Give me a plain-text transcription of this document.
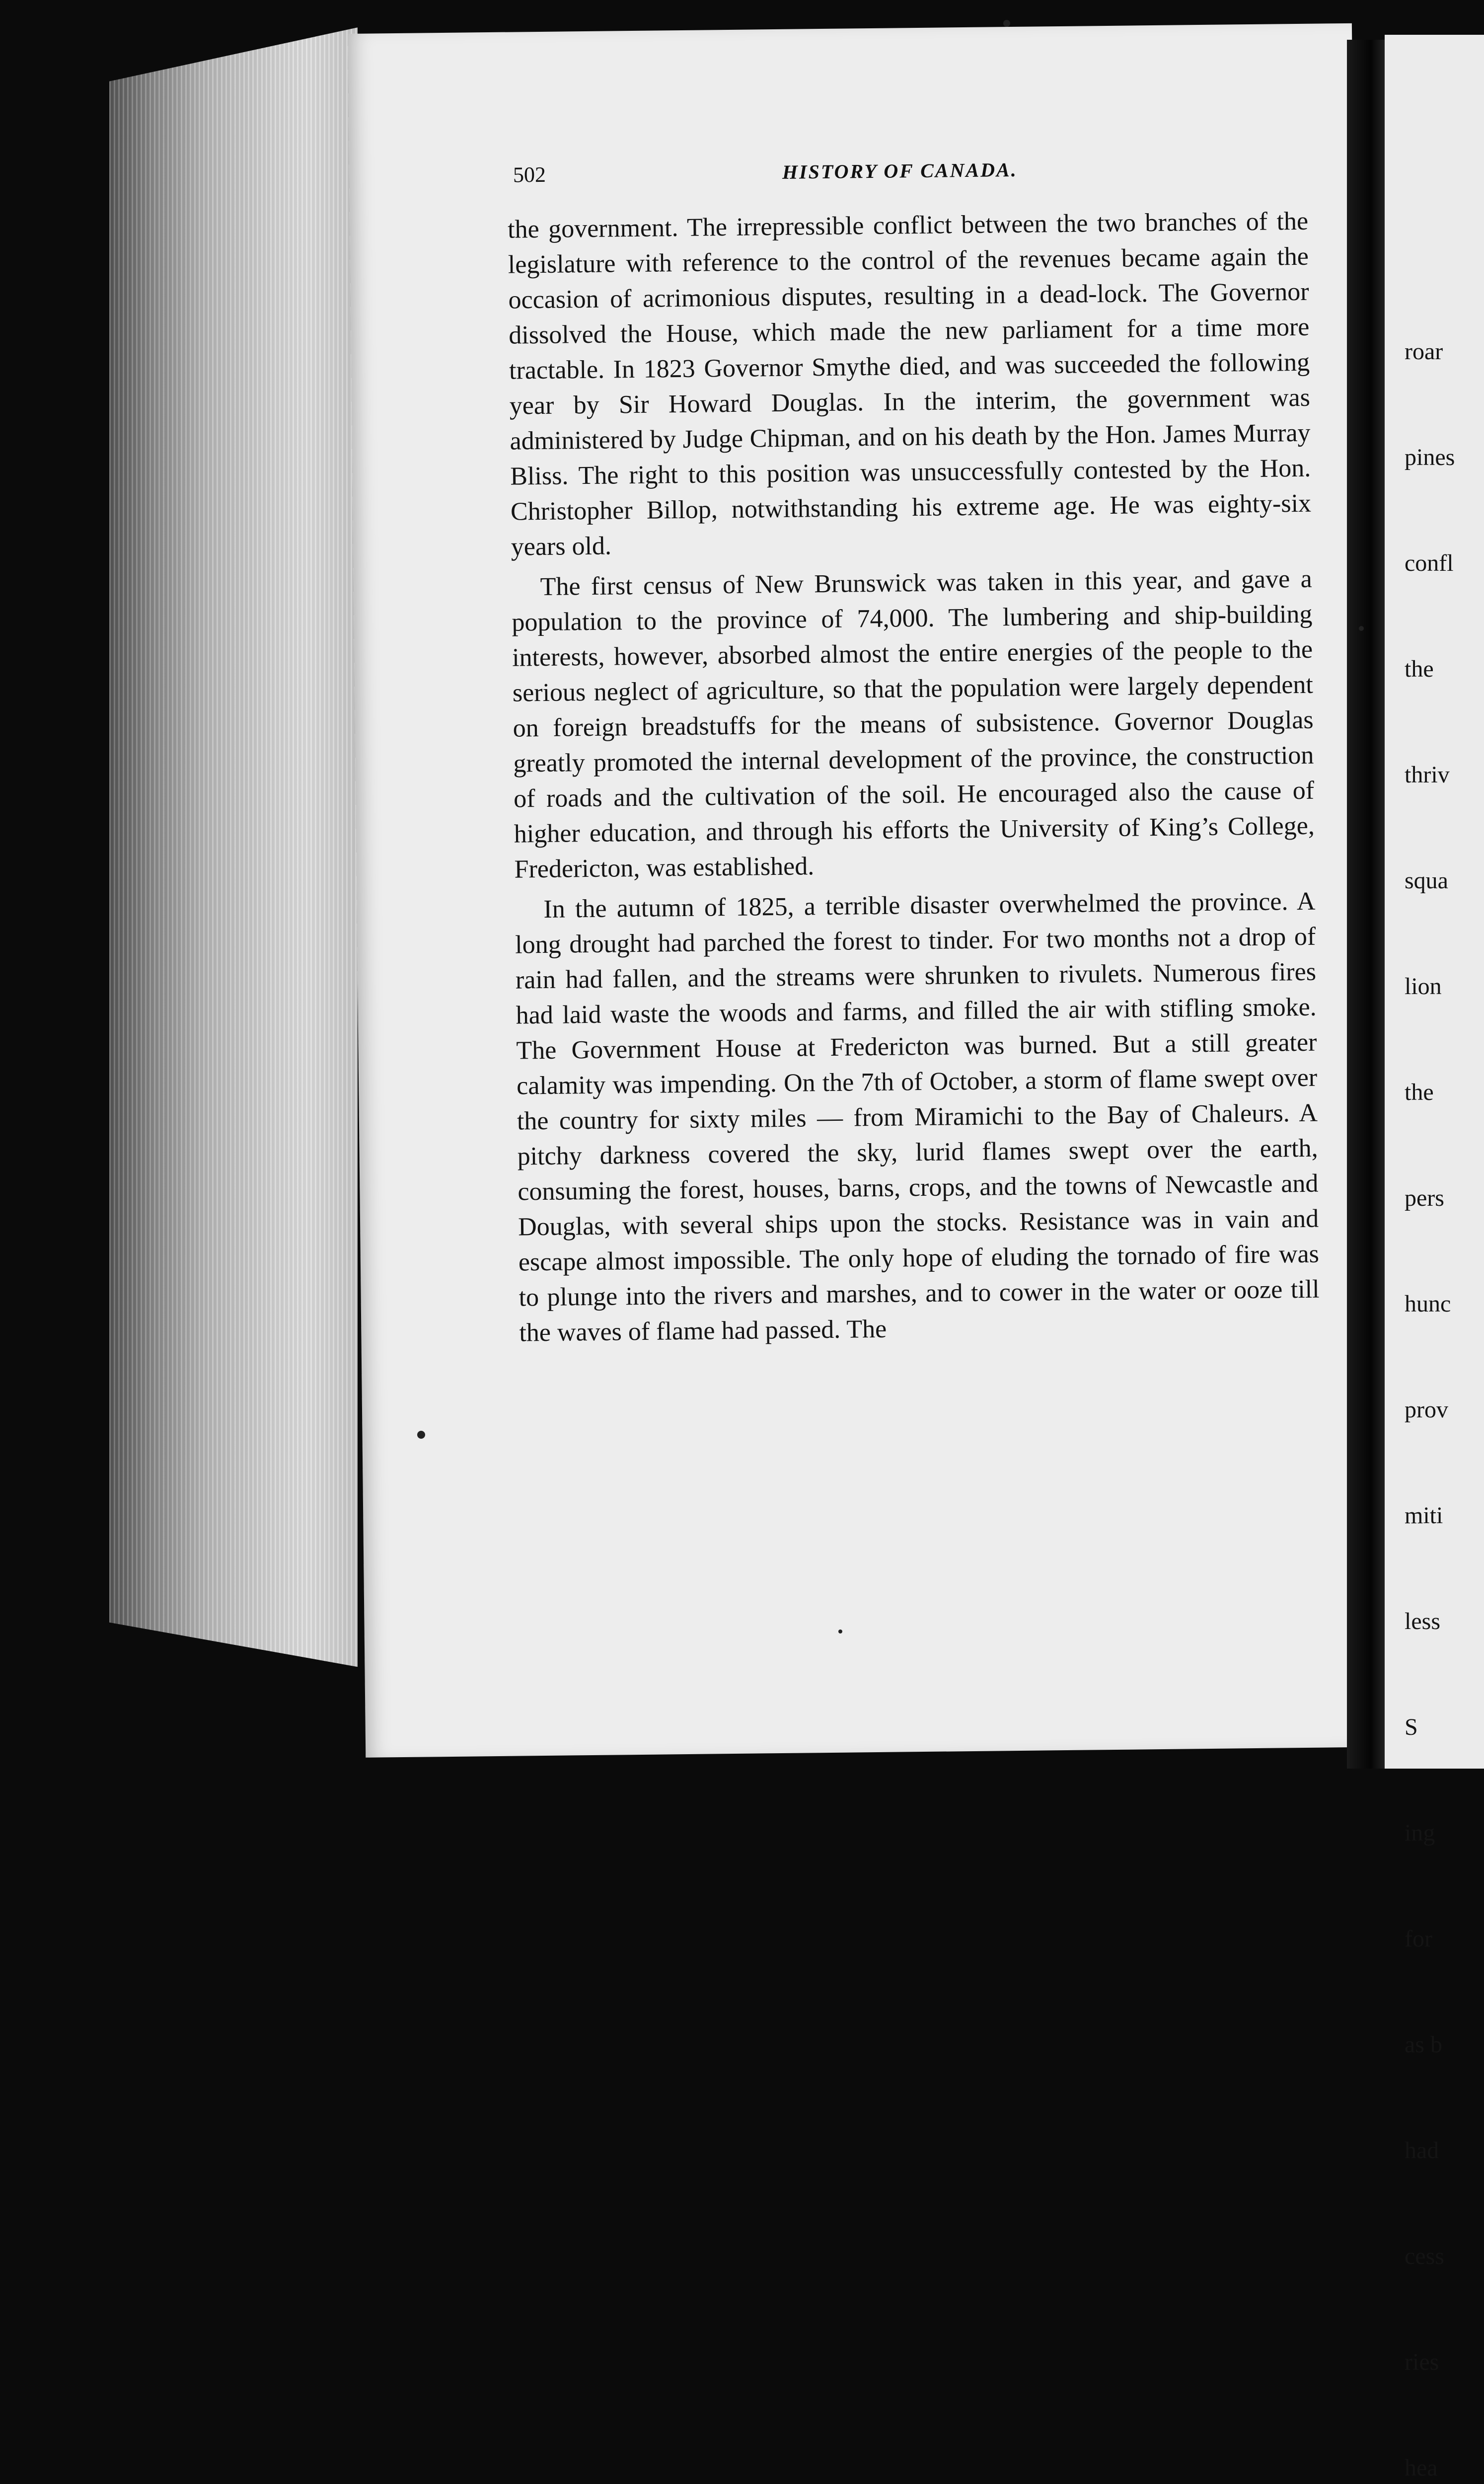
502	HISTORY OF CANADA.

the government. The irrepressible conflict between the two branches of the legislature with reference to the control of the revenues became again the occasion of acrimonious disputes, resulting in a dead-lock. The Governor dissolved the House, which made the new parliament for a time more tractable. In 1823 Governor Smythe died, and was succeeded the following year by Sir Howard Douglas. In the interim, the government was administered by Judge Chipman, and on his death by the Hon. James Murray Bliss. The right to this position was unsuccessfully contested by the Hon. Christopher Billop, notwithstanding his extreme age. He was eighty-six years old.

The first census of New Brunswick was taken in this year, and gave a population to the province of 74,000. The lumbering and ship-building interests, however, absorbed almost the entire energies of the people to the serious neglect of agriculture, so that the population were largely dependent on foreign breadstuffs for the means of subsistence. Governor Douglas greatly promoted the internal development of the province, the construction of roads and the cultivation of the soil. He encouraged also the cause of higher education, and through his efforts the University of King’s College, Fredericton, was established.

In the autumn of 1825, a terrible disaster overwhelmed the province. A long drought had parched the forest to tinder. For two months not a drop of rain had fallen, and the streams were shrunken to rivulets. Numerous fires had laid waste the woods and farms, and filled the air with stifling smoke. The Government House at Fredericton was burned. But a still greater calamity was impending. On the 7th of October, a storm of flame swept over the country for sixty miles — from Miramichi to the Bay of Chaleurs. A pitchy darkness covered the sky, lurid flames swept over the earth, consuming the forest, houses, barns, crops, and the towns of Newcastle and Douglas, with several ships upon the stocks. Resistance was in vain and escape almost impossible. The only hope of eluding the tornado of fire was to plunge into the rivers and marshes, and to cower in the water or ooze till the waves of flame had passed. The

roar

pines

confl

the

thriv

squa

lion

the

pers

hunc

prov

miti

less

S

ing

for

as b

had

cess

ries

hea
